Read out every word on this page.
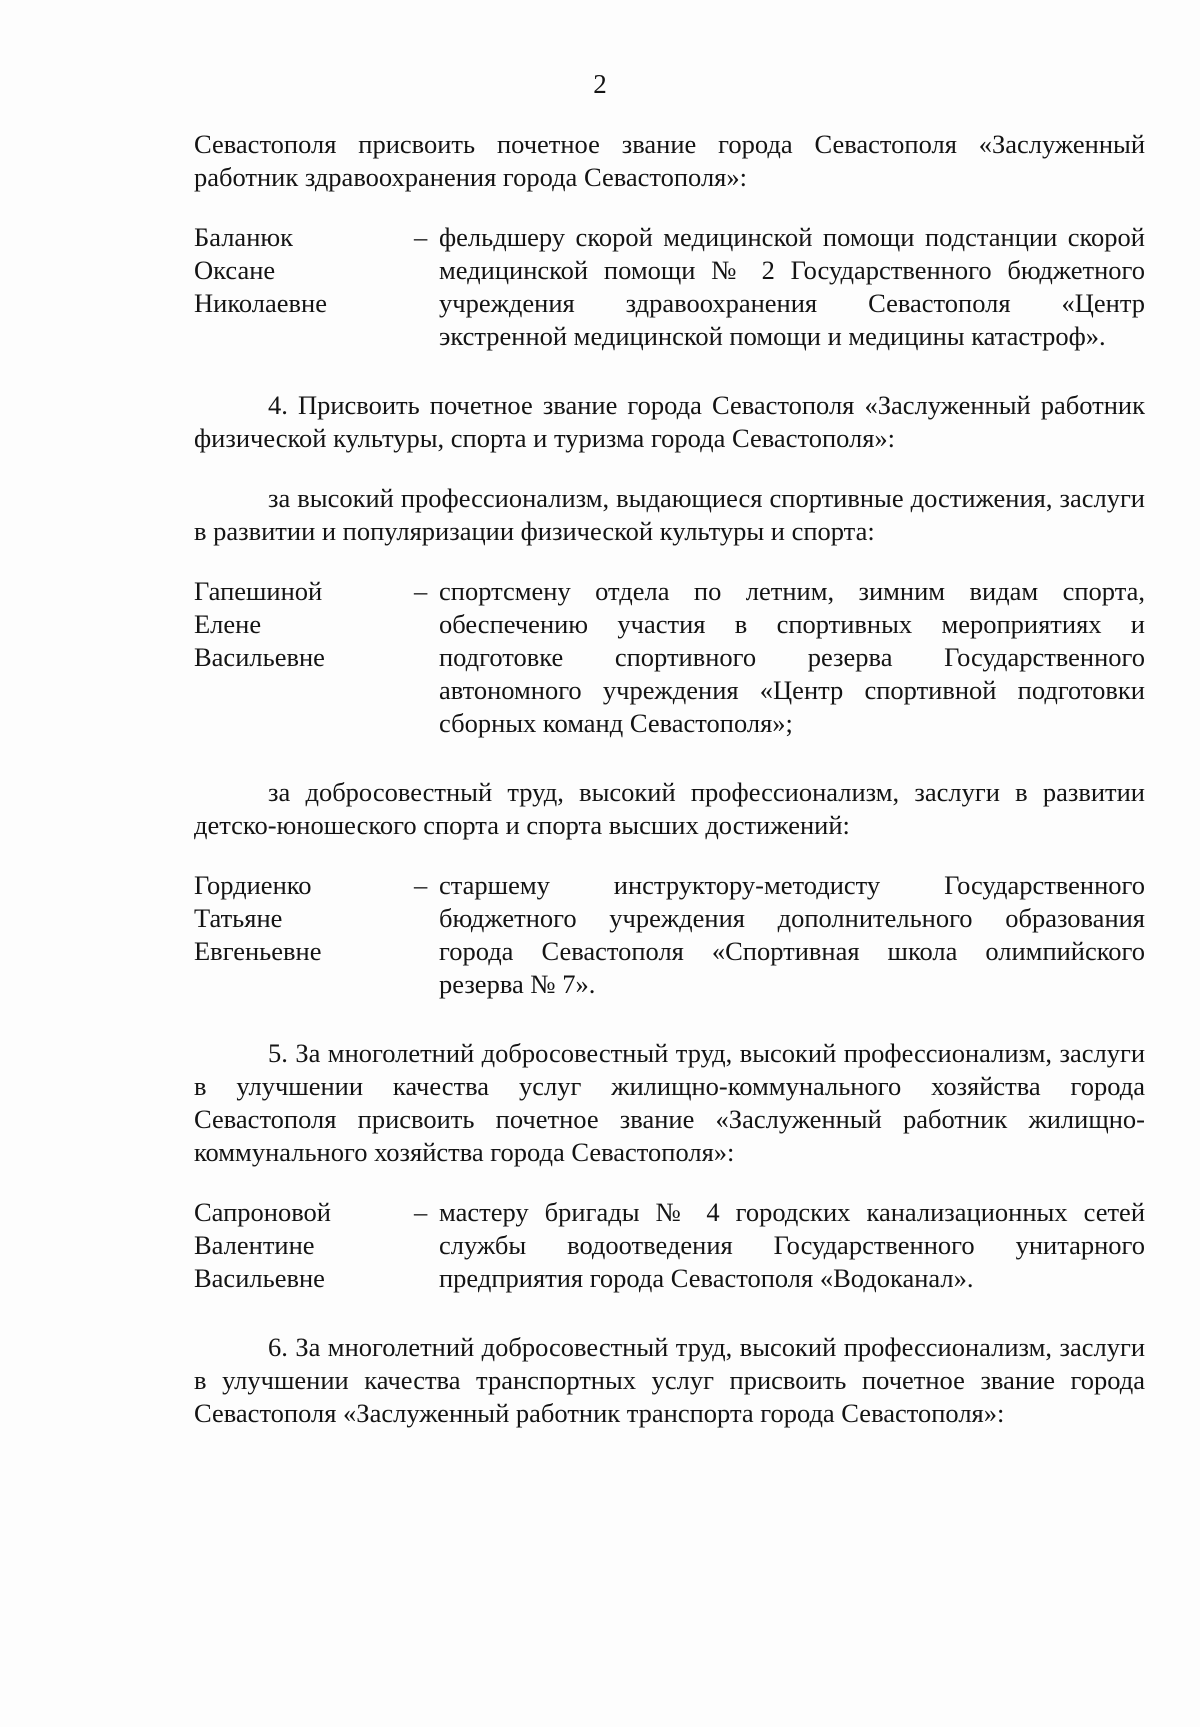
2

Севастополя присвоить почетное звание города Севастополя «Заслуженный работник здравоохранения города Севастополя»:

Баланюк
Оксане
Николаевне
– фельдшеру скорой медицинской помощи подстанции скорой медицинской помощи № 2 Государственного бюджетного учреждения здравоохранения Севастополя «Центр экстренной медицинской помощи и медицины катастроф».

4. Присвоить почетное звание города Севастополя «Заслуженный работник физической культуры, спорта и туризма города Севастополя»:

за высокий профессионализм, выдающиеся спортивные достижения, заслуги в развитии и популяризации физической культуры и спорта:

Гапешиной
Елене
Васильевне
– спортсмену отдела по летним, зимним видам спорта, обеспечению участия в спортивных мероприятиях и подготовке спортивного резерва Государственного автономного учреждения «Центр спортивной подготовки сборных команд Севастополя»;

за добросовестный труд, высокий профессионализм, заслуги в развитии детско-юношеского спорта и спорта высших достижений:

Гордиенко
Татьяне
Евгеньевне
– старшему инструктору-методисту Государственного бюджетного учреждения дополнительного образования города Севастополя «Спортивная школа олимпийского резерва № 7».

5. За многолетний добросовестный труд, высокий профессионализм, заслуги в улучшении качества услуг жилищно-коммунального хозяйства города Севастополя присвоить почетное звание «Заслуженный работник жилищно-коммунального хозяйства города Севастополя»:

Сапроновой
Валентине
Васильевне
– мастеру бригады № 4 городских канализационных сетей службы водоотведения Государственного унитарного предприятия города Севастополя «Водоканал».

6. За многолетний добросовестный труд, высокий профессионализм, заслуги в улучшении качества транспортных услуг присвоить почетное звание города Севастополя «Заслуженный работник транспорта города Севастополя»:
